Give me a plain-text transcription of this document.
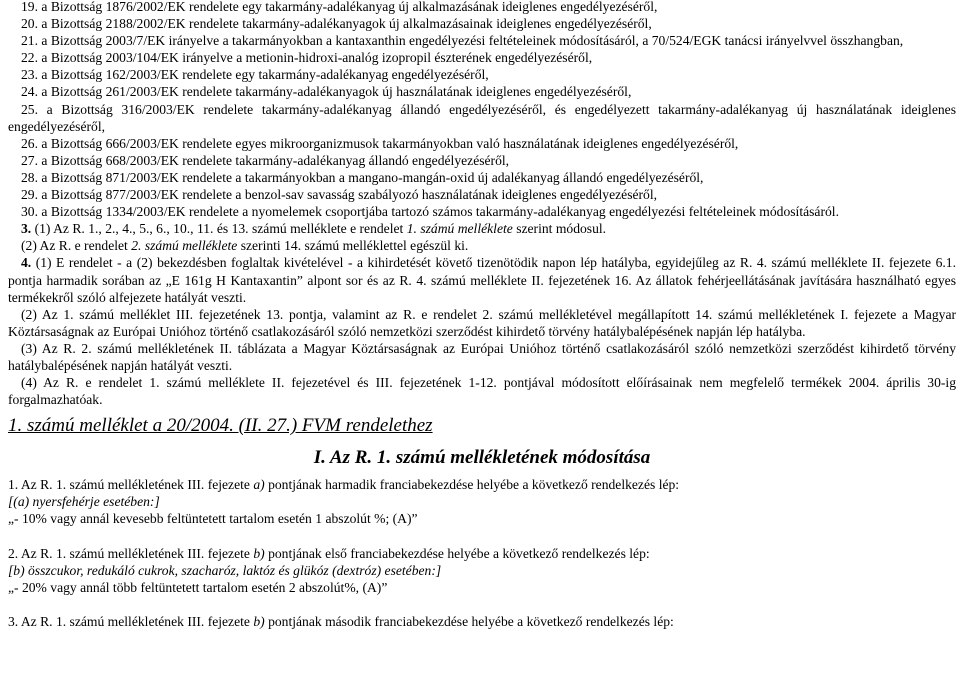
19. a Bizottság 1876/2002/EK rendelete egy takarmány-adalékanyag új alkalmazásának ideiglenes engedélyezéséről,

20. a Bizottság 2188/2002/EK rendelete takarmány-adalékanyagok új alkalmazásainak ideiglenes engedélyezéséről,

21. a Bizottság 2003/7/EK irányelve a takarmányokban a kantaxanthin engedélyezési feltételeinek módosításáról, a 70/524/EGK tanácsi irányelvvel összhangban,

22. a Bizottság 2003/104/EK irányelve a metionin-hidroxi-analóg izopropil észterének engedélyezéséről,

23. a Bizottság 162/2003/EK rendelete egy takarmány-adalékanyag engedélyezéséről,

24. a Bizottság 261/2003/EK rendelete takarmány-adalékanyagok új használatának ideiglenes engedélyezéséről,

25. a Bizottság 316/2003/EK rendelete takarmány-adalékanyag állandó engedélyezéséről, és engedélyezett takarmány-adalékanyag új használatának ideiglenes engedélyezéséről,

26. a Bizottság 666/2003/EK rendelete egyes mikroorganizmusok takarmányokban való használatának ideiglenes engedélyezéséről,

27. a Bizottság 668/2003/EK rendelete takarmány-adalékanyag állandó engedélyezéséről,

28. a Bizottság 871/2003/EK rendelete a takarmányokban a mangano-mangán-oxid új adalékanyag állandó engedélyezéséről,

29. a Bizottság 877/2003/EK rendelete a benzol-sav savasság szabályozó használatának ideiglenes engedélyezéséről,

30. a Bizottság 1334/2003/EK rendelete a nyomelemek csoportjába tartozó számos takarmány-adalékanyag engedélyezési feltételeinek módosításáról.

3. (1) Az R. 1., 2., 4., 5., 6., 10., 11. és 13. számú melléklete e rendelet 1. számú melléklete szerint módosul.

(2) Az R. e rendelet 2. számú melléklete szerinti 14. számú melléklettel egészül ki.

4. (1) E rendelet - a (2) bekezdésben foglaltak kivételével - a kihirdetését követő tizenötödik napon lép hatályba, egyidejűleg az R. 4. számú melléklete II. fejezete 6.1. pontja harmadik sorában az „E 161g H Kantaxantin” alpont sor és az R. 4. számú melléklete II. fejezetének 16. Az állatok fehérjeellátásának javítására használható egyes termékekről szóló alfejezete hatályát veszti.

(2) Az 1. számú melléklet III. fejezetének 13. pontja, valamint az R. e rendelet 2. számú mellékletével megállapított 14. számú mellékletének I. fejezete a Magyar Köztársaságnak az Európai Unióhoz történő csatlakozásáról szóló nemzetközi szerződést kihirdető törvény hatálybalépésének napján lép hatályba.

(3) Az R. 2. számú mellékletének II. táblázata a Magyar Köztársaságnak az Európai Unióhoz történő csatlakozásáról szóló nemzetközi szerződést kihirdető törvény hatálybalépésének napján hatályát veszti.

(4) Az R. e rendelet 1. számú melléklete II. fejezetével és III. fejezetének 1-12. pontjával módosított előírásainak nem megfelelő termékek 2004. április 30-ig forgalmazhatóak.

1. számú melléklet a 20/2004. (II. 27.) FVM rendelethez
I. Az R. 1. számú mellékletének módosítása

1. Az R. 1. számú mellékletének III. fejezete a) pontjának harmadik franciabekezdése helyébe a következő rendelkezés lép:

[(a) nyersfehérje esetében:]

„- 10% vagy annál kevesebb feltüntetett tartalom esetén 1 abszolút %; (A)”

2. Az R. 1. számú mellékletének III. fejezete b) pontjának első franciabekezdése helyébe a következő rendelkezés lép:

[b) összcukor, redukáló cukrok, szacharóz, laktóz és glükóz (dextróz) esetében:]

„- 20% vagy annál több feltüntetett tartalom esetén 2 abszolút%, (A)”

3. Az R. 1. számú mellékletének III. fejezete b) pontjának második franciabekezdése helyébe a következő rendelkezés lép:
